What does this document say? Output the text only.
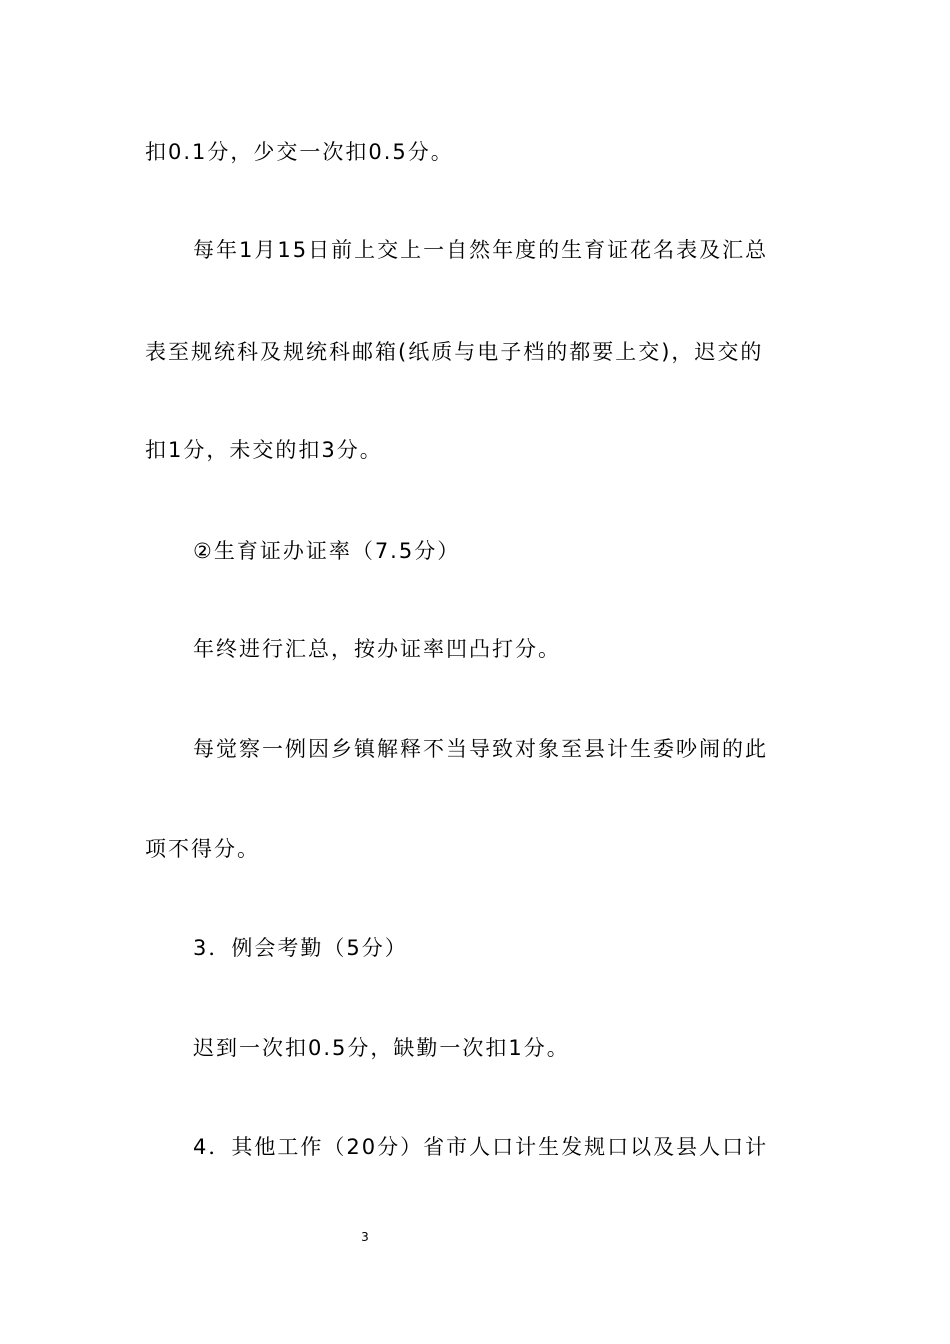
扣0.1分，少交一次扣0.5分。
每年1月15日前上交上一自然年度的生育证花名表及汇总
表至规统科及规统科邮箱(纸质与电子档的都要上交)，迟交的
扣1分，未交的扣3分。
②生育证办证率（7.5分）
年终进行汇总，按办证率凹凸打分。
每觉察一例因乡镇解释不当导致对象至县计生委吵闹的此
项不得分。
3．例会考勤（5分）
迟到一次扣0.5分，缺勤一次扣1分。
4．其他工作（20分）省市人口计生发规口以及县人口计
3
